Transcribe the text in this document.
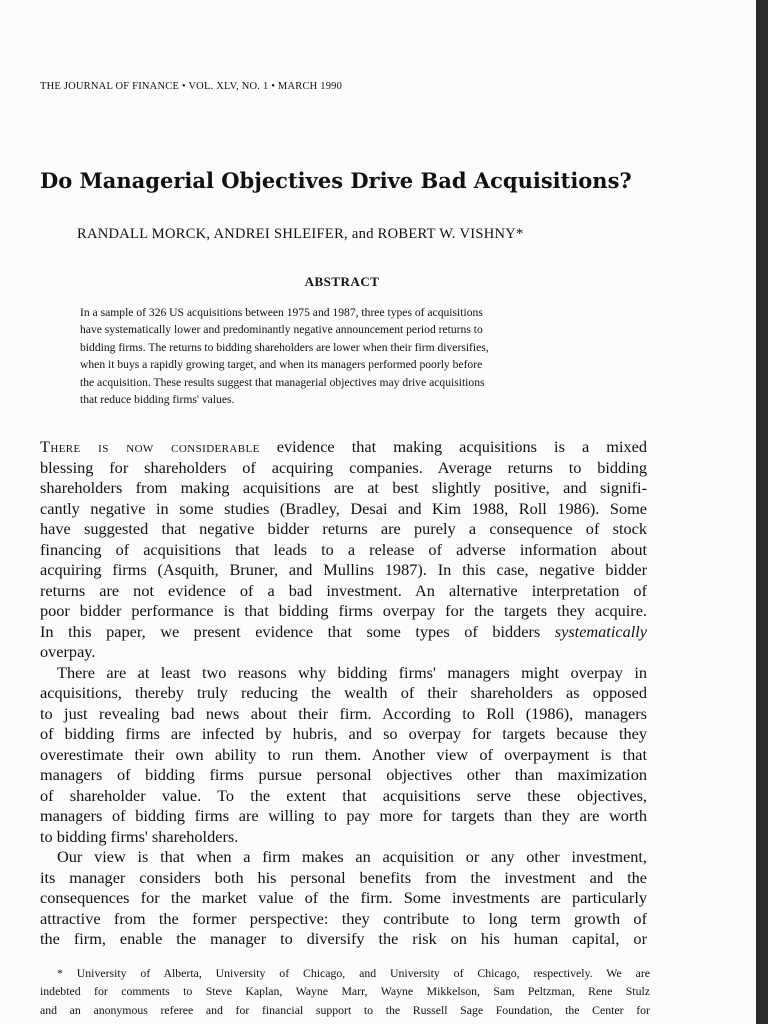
THE JOURNAL OF FINANCE • VOL. XLV, NO. 1 • MARCH 1990
Do Managerial Objectives Drive Bad Acquisitions?
RANDALL MORCK, ANDREI SHLEIFER, and ROBERT W. VISHNY*
ABSTRACT
In a sample of 326 US acquisitions between 1975 and 1987, three types of acquisitions
have systematically lower and predominantly negative announcement period returns to
bidding firms. The returns to bidding shareholders are lower when their firm diversifies,
when it buys a rapidly growing target, and when its managers performed poorly before
the acquisition. These results suggest that managerial objectives may drive acquisitions
that reduce bidding firms' values.
There is now considerable evidence that making acquisitions is a mixed
blessing for shareholders of acquiring companies. Average returns to bidding
shareholders from making acquisitions are at best slightly positive, and signifi-
cantly negative in some studies (Bradley, Desai and Kim 1988, Roll 1986). Some
have suggested that negative bidder returns are purely a consequence of stock
financing of acquisitions that leads to a release of adverse information about
acquiring firms (Asquith, Bruner, and Mullins 1987). In this case, negative bidder
returns are not evidence of a bad investment. An alternative interpretation of
poor bidder performance is that bidding firms overpay for the targets they acquire.
In this paper, we present evidence that some types of bidders systematically
overpay.
There are at least two reasons why bidding firms' managers might overpay in
acquisitions, thereby truly reducing the wealth of their shareholders as opposed
to just revealing bad news about their firm. According to Roll (1986), managers
of bidding firms are infected by hubris, and so overpay for targets because they
overestimate their own ability to run them. Another view of overpayment is that
managers of bidding firms pursue personal objectives other than maximization
of shareholder value. To the extent that acquisitions serve these objectives,
managers of bidding firms are willing to pay more for targets than they are worth
to bidding firms' shareholders.
Our view is that when a firm makes an acquisition or any other investment,
its manager considers both his personal benefits from the investment and the
consequences for the market value of the firm. Some investments are particularly
attractive from the former perspective: they contribute to long term growth of
the firm, enable the manager to diversify the risk on his human capital, or
* University of Alberta, University of Chicago, and University of Chicago, respectively. We are
indebted for comments to Steve Kaplan, Wayne Marr, Wayne Mikkelson, Sam Peltzman, Rene Stulz
and an anonymous referee and for financial support to the Russell Sage Foundation, the Center for
